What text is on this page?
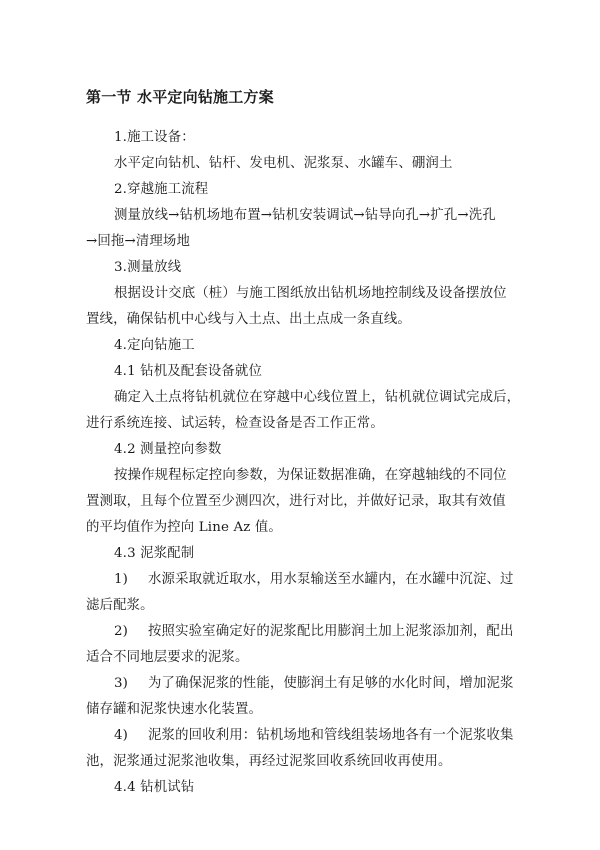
第一节 水平定向钻施工方案
1.施工设备：
水平定向钻机、钻杆、发电机、泥浆泵、水罐车、硼润土
2.穿越施工流程
测量放线→钻机场地布置→钻机安装调试→钻导向孔→扩孔→洗孔
→回拖→清理场地
3.测量放线
根据设计交底（桩）与施工图纸放出钻机场地控制线及设备摆放位
置线，确保钻机中心线与入土点、出土点成一条直线。
4.定向钻施工
4.1 钻机及配套设备就位
确定入土点将钻机就位在穿越中心线位置上，钻机就位调试完成后，
进行系统连接、试运转，检查设备是否工作正常。
4.2 测量控向参数
按操作规程标定控向参数，为保证数据准确，在穿越轴线的不同位
置测取，且每个位置至少测四次，进行对比，并做好记录，取其有效值
的平均值作为控向 Line Az 值。
4.3 泥浆配制
1) 水源采取就近取水，用水泵输送至水罐内，在水罐中沉淀、过
滤后配浆。
2) 按照实验室确定好的泥浆配比用膨润土加上泥浆添加剂，配出
适合不同地层要求的泥浆。
3) 为了确保泥浆的性能，使膨润土有足够的水化时间，增加泥浆
储存罐和泥浆快速水化装置。
4) 泥浆的回收利用：钻机场地和管线组装场地各有一个泥浆收集
池，泥浆通过泥浆池收集，再经过泥浆回收系统回收再使用。
4.4 钻机试钻
